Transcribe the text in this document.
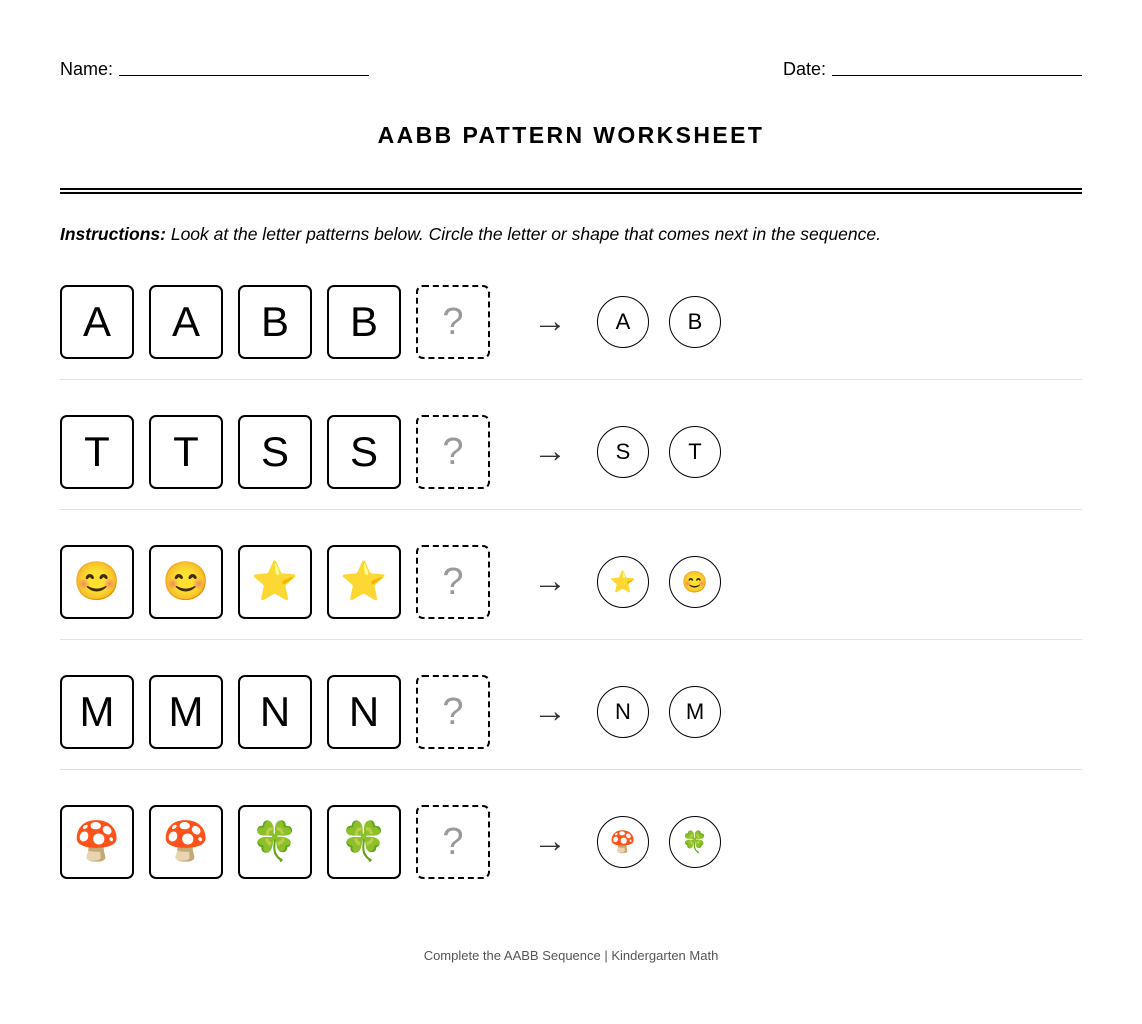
Name:	Date:
AABB PATTERN WORKSHEET

Instructions: Look at the letter patterns below. Circle the letter or shape that comes next in the sequence.

A A B B ? → A	B
T T S S ? → S	T
😊 😊 ⭐ ⭐ ? → ⭐ 😊
M M N N ? → N M
🍄 🍄 🍀 🍀 ? → 🍄 🍀
Complete the AABB Sequence | Kindergarten Math
